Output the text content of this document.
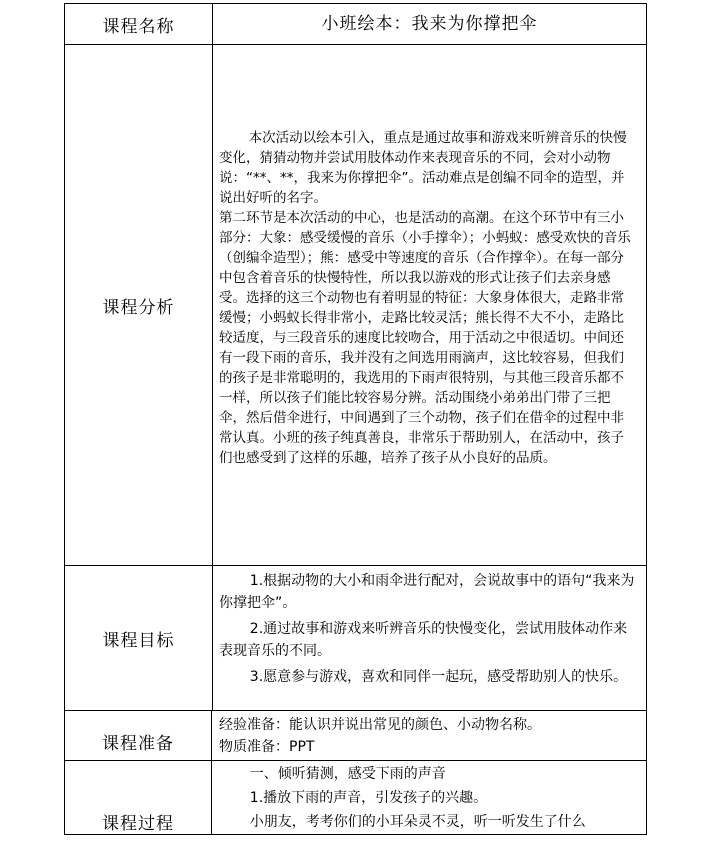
课程名称	小班绘本：我来为你撑把伞
课程分析

本次活动以绘本引入，重点是通过故事和游戏来听辨音乐的快慢变化，猜猜动物并尝试用肢体动作来表现音乐的不同，会对小动物说：“**、**，我来为你撑把伞”。活动难点是创编不同伞的造型，并说出好听的名字。

第二环节是本次活动的中心，也是活动的高潮。在这个环节中有三小部分：大象：感受缓慢的音乐（小手撑伞）；小蚂蚁：感受欢快的音乐（创编伞造型）；熊：感受中等速度的音乐（合作撑伞）。在每一部分中包含着音乐的快慢特性，所以我以游戏的形式让孩子们去亲身感受。选择的这三个动物也有着明显的特征：大象身体很大，走路非常缓慢；小蚂蚁长得非常小，走路比较灵活；熊长得不大不小，走路比较适度，与三段音乐的速度比较吻合，用于活动之中很适切。中间还有一段下雨的音乐，我并没有之间选用雨滴声，这比较容易，但我们的孩子是非常聪明的，我选用的下雨声很特别，与其他三段音乐都不一样，所以孩子们能比较容易分辨。活动围绕小弟弟出门带了三把伞，然后借伞进行，中间遇到了三个动物，孩子们在借伞的过程中非常认真。小班的孩子纯真善良，非常乐于帮助别人，在活动中，孩子们也感受到了这样的乐趣，培养了孩子从小良好的品质。

课程目标

1.根据动物的大小和雨伞进行配对，会说故事中的语句“我来为你撑把伞”。

2.通过故事和游戏来听辨音乐的快慢变化，尝试用肢体动作来表现音乐的不同。

3.愿意参与游戏，喜欢和同伴一起玩，感受帮助别人的快乐。

课程准备

经验准备：能认识并说出常见的颜色、小动物名称。

物质准备：PPT

课程过程

一、倾听猜测，感受下雨的声音

1.播放下雨的声音，引发孩子的兴趣。

小朋友，考考你们的小耳朵灵不灵，听一听发生了什么
